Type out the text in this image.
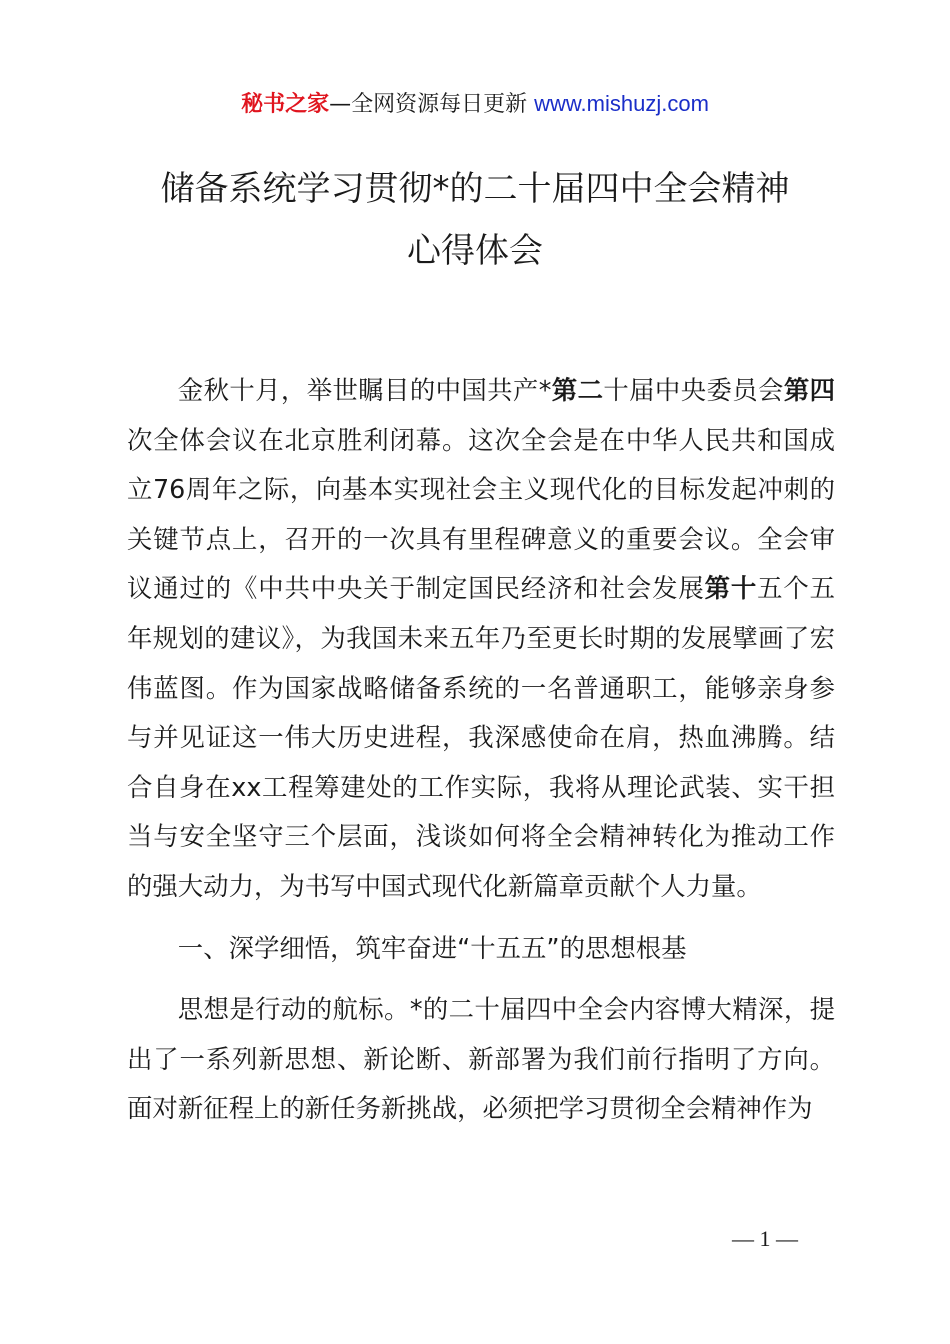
秘书之家—全网资源每日更新 www.mishuzj.com
储备系统学习贯彻*的二十届四中全会精神
心得体会

金秋十月，举世瞩目的中国共产*第二十届中央委员会第四次全体会议在北京胜利闭幕。这次全会是在中华人民共和国成立76周年之际，向基本实现社会主义现代化的目标发起冲刺的关键节点上，召开的一次具有里程碑意义的重要会议。全会审议通过的《中共中央关于制定国民经济和社会发展第十五个五年规划的建议》，为我国未来五年乃至更长时期的发展擘画了宏伟蓝图。作为国家战略储备系统的一名普通职工，能够亲身参与并见证这一伟大历史进程，我深感使命在肩，热血沸腾。结合自身在xx工程筹建处的工作实际，我将从理论武装、实干担当与安全坚守三个层面，浅谈如何将全会精神转化为推动工作的强大动力，为书写中国式现代化新篇章贡献个人力量。

一、深学细悟，筑牢奋进“十五五”的思想根基

思想是行动的航标。*的二十届四中全会内容博大精深，提出了一系列新思想、新论断、新部署为我们前行指明了方向。面对新征程上的新任务新挑战，必须把学习贯彻全会精神作为

— 1 —
